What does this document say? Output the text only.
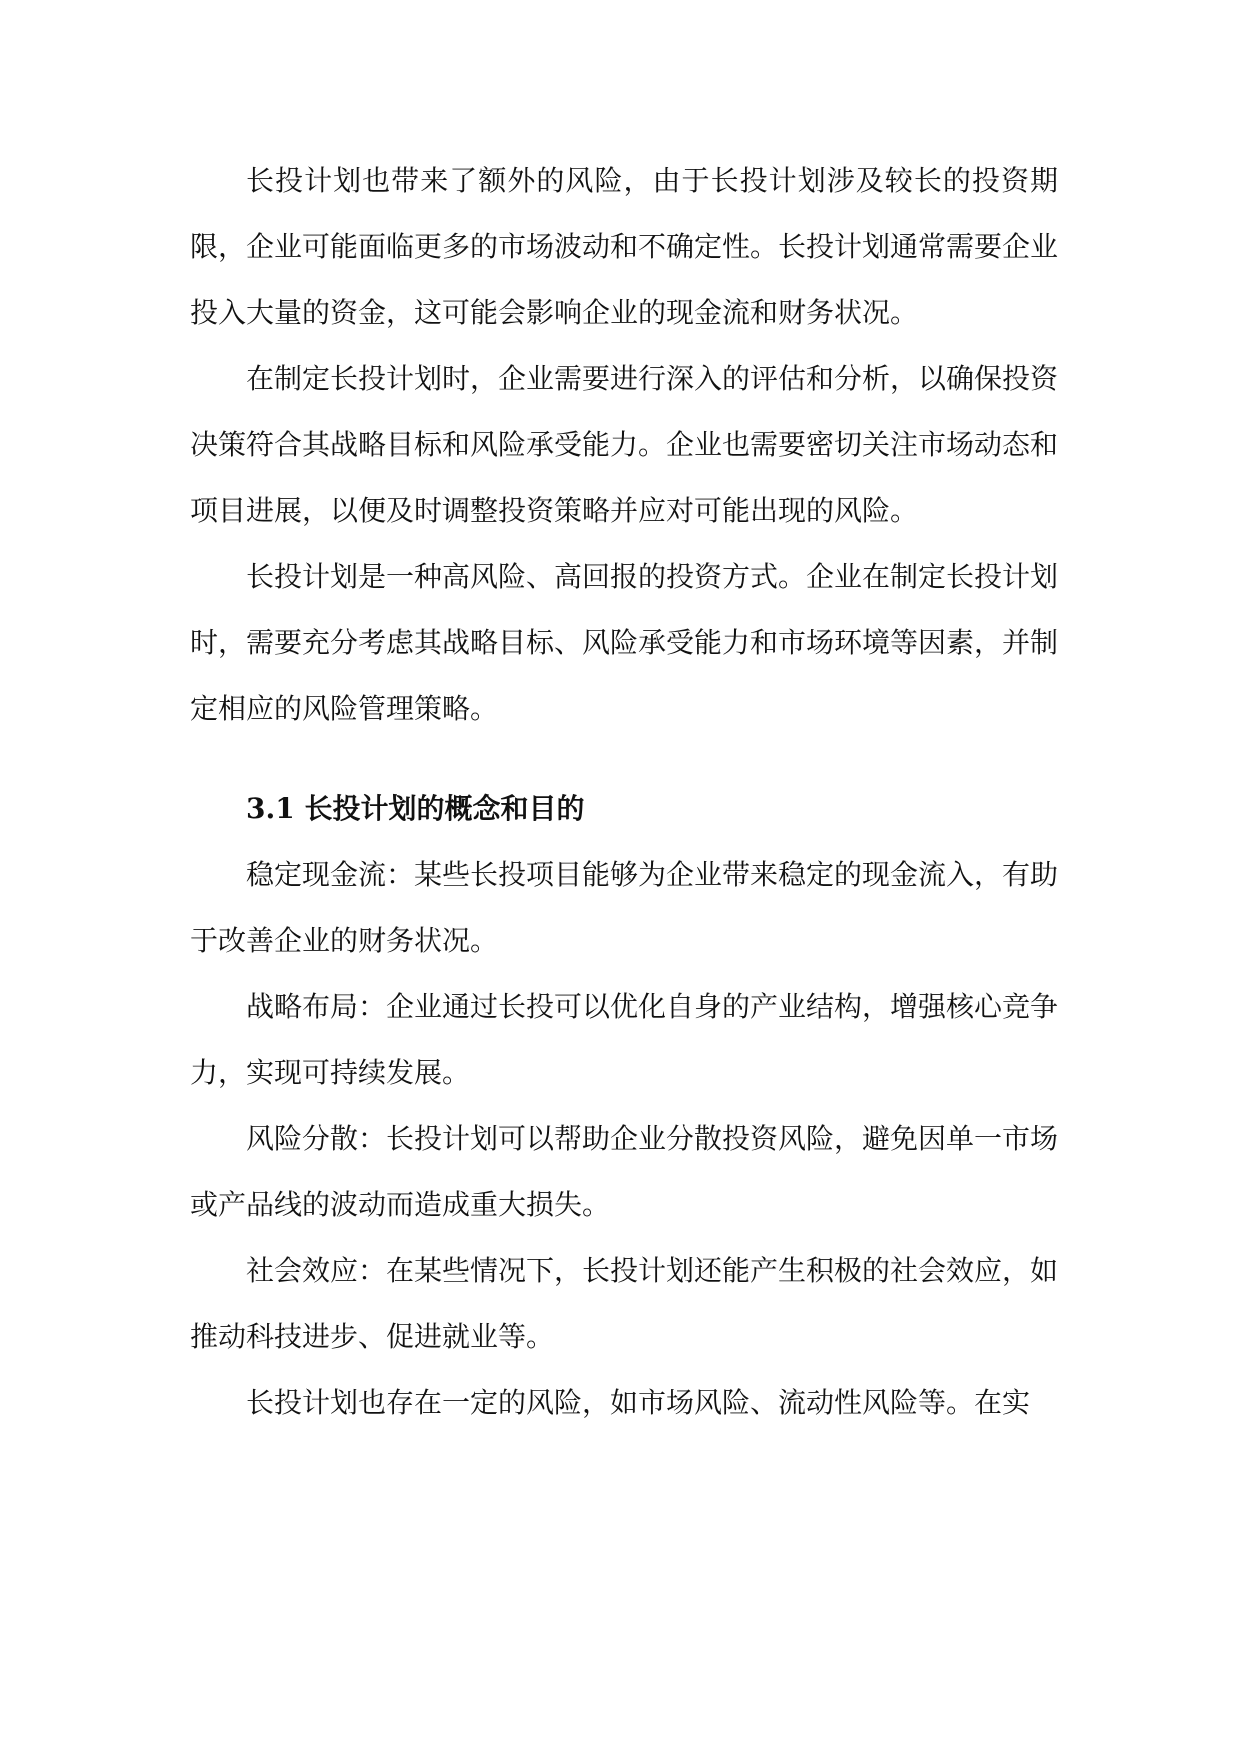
长投计划也带来了额外的风险，由于长投计划涉及较长的投资期限，企业可能面临更多的市场波动和不确定性。长投计划通常需要企业投入大量的资金，这可能会影响企业的现金流和财务状况。

在制定长投计划时，企业需要进行深入的评估和分析，以确保投资决策符合其战略目标和风险承受能力。企业也需要密切关注市场动态和项目进展，以便及时调整投资策略并应对可能出现的风险。

长投计划是一种高风险、高回报的投资方式。企业在制定长投计划时，需要充分考虑其战略目标、风险承受能力和市场环境等因素，并制定相应的风险管理策略。

3.1 长投计划的概念和目的

稳定现金流：某些长投项目能够为企业带来稳定的现金流入，有助于改善企业的财务状况。

战略布局：企业通过长投可以优化自身的产业结构，增强核心竞争力，实现可持续发展。

风险分散：长投计划可以帮助企业分散投资风险，避免因单一市场或产品线的波动而造成重大损失。

社会效应：在某些情况下，长投计划还能产生积极的社会效应，如推动科技进步、促进就业等。

长投计划也存在一定的风险，如市场风险、流动性风险等。在实
